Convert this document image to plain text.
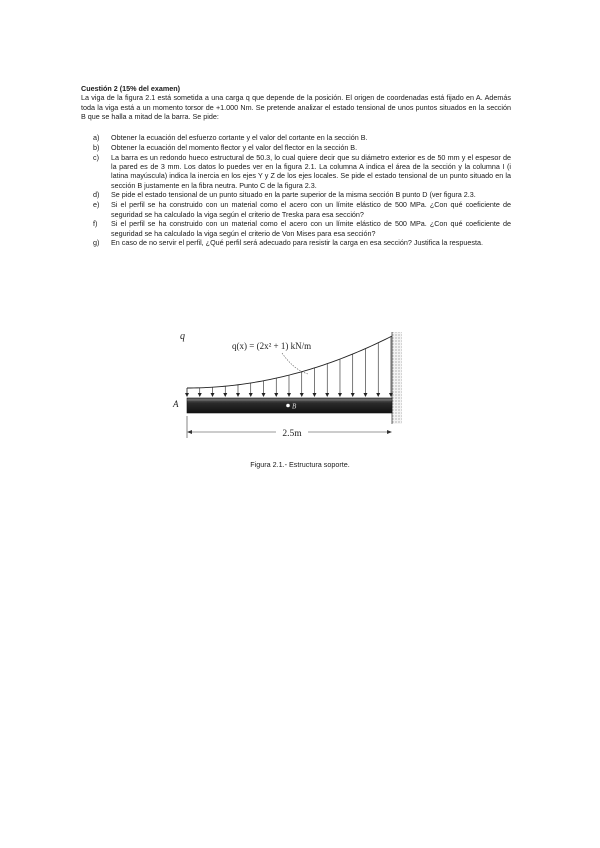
Cuestión 2 (15% del examen)

La viga de la figura 2.1 está sometida a una carga q que depende de la posición. El origen de coordenadas está fijado en A. Además toda la viga está a un momento torsor de +1.000 Nm. Se pretende analizar el estado tensional de unos puntos situados en la sección B que se halla a mitad de la barra. Se pide:

a) Obtener la ecuación del esfuerzo cortante y el valor del cortante en la sección B.
b) Obtener la ecuación del momento flector y el valor del flector en la sección B.
c) La barra es un redondo hueco estructural de 50.3, lo cual quiere decir que su diámetro exterior es de 50 mm y el espesor de la pared es de 3 mm. Los datos lo puedes ver en la figura 2.1. La columna A indica el área de la sección y la columna I (i latina mayúscula) indica la inercia en los ejes Y y Z de los ejes locales. Se pide el estado tensional de un punto situado en la sección B justamente en la fibra neutra. Punto C de la figura 2.3.
d) Se pide el estado tensional de un punto situado en la parte superior de la misma sección B punto D (ver figura 2.3.
e) Si el perfil se ha construido con un material como el acero con un límite elástico de 500 MPa. ¿Con qué coeficiente de seguridad se ha calculado la viga según el criterio de Treska para esa sección?
f) Si el perfil se ha construido con un material como el acero con un límite elástico de 500 MPa. ¿Con qué coeficiente de seguridad se ha calculado la viga según el criterio de Von Mises para esa sección?
g) En caso de no servir el perfil, ¿Qué perfil será adecuado para resistir la carga en esa sección? Justifica la respuesta.
q
q(x) = (2x² + 1) kN/m
A	B
2.5m
Figura 2.1.- Estructura soporte.
